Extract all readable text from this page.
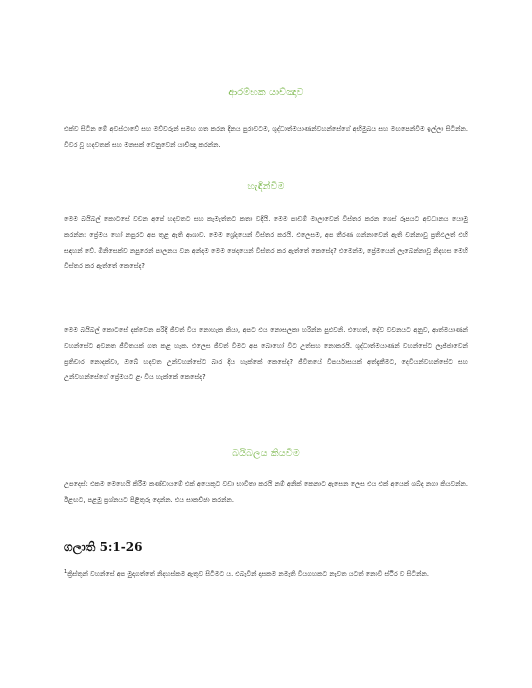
ආරම්භක යාච්ඤාව

එක්ව සිටින මේ අවස්ථාවේ සහ මව්වරුන් සමඟ ගත කරන දිනය පුරාවටම, ශුද්ධාත්මයාණන්වහන්සේගේ අභිමුඛය සහ මඟපෙන්වීම ඉල්ලා සිටින්න. විවර වූ හදවතක් සහ මනසක් වෙනුවෙන් යාච්ඤා කරන්න.

හැඳින්වීම

මෙම බයිබල් කොටසේ වචන අපේ හදවතට සහ කැමැත්තට කතා වදියි. මෙම පාඩම් මාලාවෙන් විස්තර කරන ශෙස් රූපයට අවධානය යොමු කරන්න: ප්‍රේමය හෝ නපුරට අප තුළ ඇති ආශාව. මෙම ශ්‍රේදයෙන් විස්තර කරයි. එලෙසම, අප තීරණ ගන්නාවෙන් ඇති චන්නාවු ප්‍රතිඵලත් එහි සඳහන් වේ. මිනිසෙක්ව නපුරෙන් පාලනය වන අන්දම මෙම ඡෙදයෙන් විස්තර කර ඇත්තේ කෙසේද? එමෙන්ම, ප්‍රේමයෙන් ලැබෙන්නාවූ නිදහස මෙහි විස්තර කර ඇත්තේ කෙසේද?

මෙම බයිබල් කොටසේ දක්වෙන පරිදි ජීවත් විය නොහැක කියා, අපට එය නොසලකා හරින්න පුළුවනි. එහෙත්, දේව වචනයට අනුව, ආත්මයාණන් වහන්සේට අවනත ජීවිතයක් ගත කළ හැක. එලෙස ජීවත් වීමට අප බොහෝ විට උත්සහ නොකරයි. ශුද්ධාත්මයාණන් වහන්සේට ලැජ්ජාවෙන් ප්‍රතිචාර නොදක්වා, ඔබේ හදවත උන්වහන්සේට බාර දිය හැක්කේ කෙසේද? ජීවිතයේ විපර්යාසයක් අත්දැකීමට, දෙවියන්වහන්සේට සහ උන්වහන්සේගේ ප්‍රේමයට ළං විය හැක්කේ කෙසේද?

බයිබලය කියවීම

උපදෙස්: එකම මෙහෙයි කිරීම කණ්ඩායමේ එක් අයෙකුට වඩා භාවිතා කරයි නම් අනික් කෙනාට ඇසෙන ලෙස එය එක් අයෙක් ශබ්ද නගා කියවන්න. ඊළඟට, පළමු ප්‍රශ්නයට පිළිතුරු දෙන්න. එය සාකච්ඡා කරන්න.

ගලාති 5:1-26

$^1$ක්‍රිස්තුන් වහන්සේ අප මුදාගත්තේ නිදහස්කම ඇතුව සිටීමට ය. එබැවින් දාසකම නමැති වියගහකට නැවත යටත් නොවී ස්ථිර ව සිටින්න.
